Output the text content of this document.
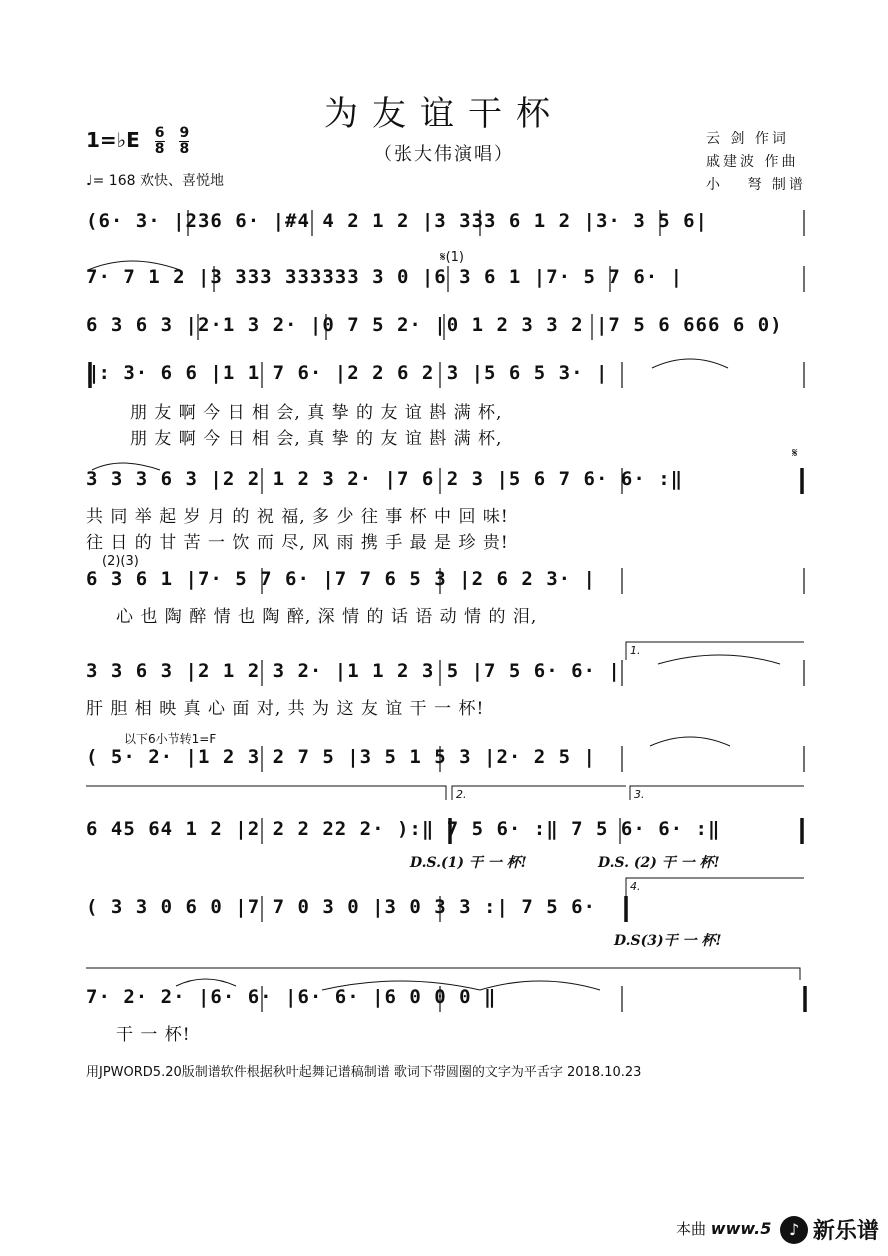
为友谊干杯
（张大伟演唱）
1=♭E $\frac{6}{8} \frac{9}{8}$
♩= 168 欢快、喜悦地
云 剑 作词
戚建波 作曲
小 　弩 制谱
(6· 3· |236 6· |#4 4 2 1 2 |3 333 6 1 2 |3· 3 5 6|
7· 7 1 2 |3 333 333333 3 0 |6 3 6 1 |7· 5 7 6· |
6 3 6 3 |2·1 3 2· |0 7 5 2· |0 1 2 3 3 2 |7 5 6 666 6 0)
‖: 3· 6 6 |1 1 7 6· |2 2 6 2 3 |5 6 5 3· |
朋 友 啊 今 日 相 会, 真 挚 的 友 谊 斟 满 杯,
朋 友 啊 今 日 相 会, 真 挚 的 友 谊 斟 满 杯,
3 3 3 6 3 |2 2 1 2 3 2· |7 6 2 3 |5 6 7 6· 6· :‖
共 同 举 起 岁 月 的 祝 福, 多 少 往 事 杯 中 回 味!
往 日 的 甘 苦 一 饮 而 尽, 风 雨 携 手 最 是 珍 贵!
6 3 6 1 |7· 5 7 6· |7 7 6 5 3 |2 6 2 3· |
心 也 陶 醉 情 也 陶 醉, 深 情 的 话 语 动 情 的 泪,
3 3 6 3 |2 1 2 3 2· |1 1 2 3 5 |7 5 6· 6· |
肝 胆 相 映 真 心 面 对, 共 为 这 友 谊 干 一 杯!
( 5· 2· |1 2 3 2 7 5 |3 5 1 5 3 |2· 2 5 |
6 45 64 1 2 |2 2 2 22 2· ):‖ 7 5 6· :‖ 7 5 6· 6· :‖
D.S.(1) 干 一 杯!	D.S. (2) 干 一 杯!
( 3 3 0 6 0 |7 7 0 3 0 |3 0 3 3 :| 7 5 6·
D.S(3)干 一 杯!
7· 2· 2· |6· 6· |6· 6· |6 0 0 0 ‖
干 一 杯!
𝄋(1)
𝄋
(2)(3)
以下6小节转1=F
1.
2.	3.
4.
用JPWORD5.20版制谱软件根据秋叶起舞记谱稿制谱 歌词下带圆圈的文字为平舌字 2018.10.23
本曲 www.5 ♪ 新乐谱
